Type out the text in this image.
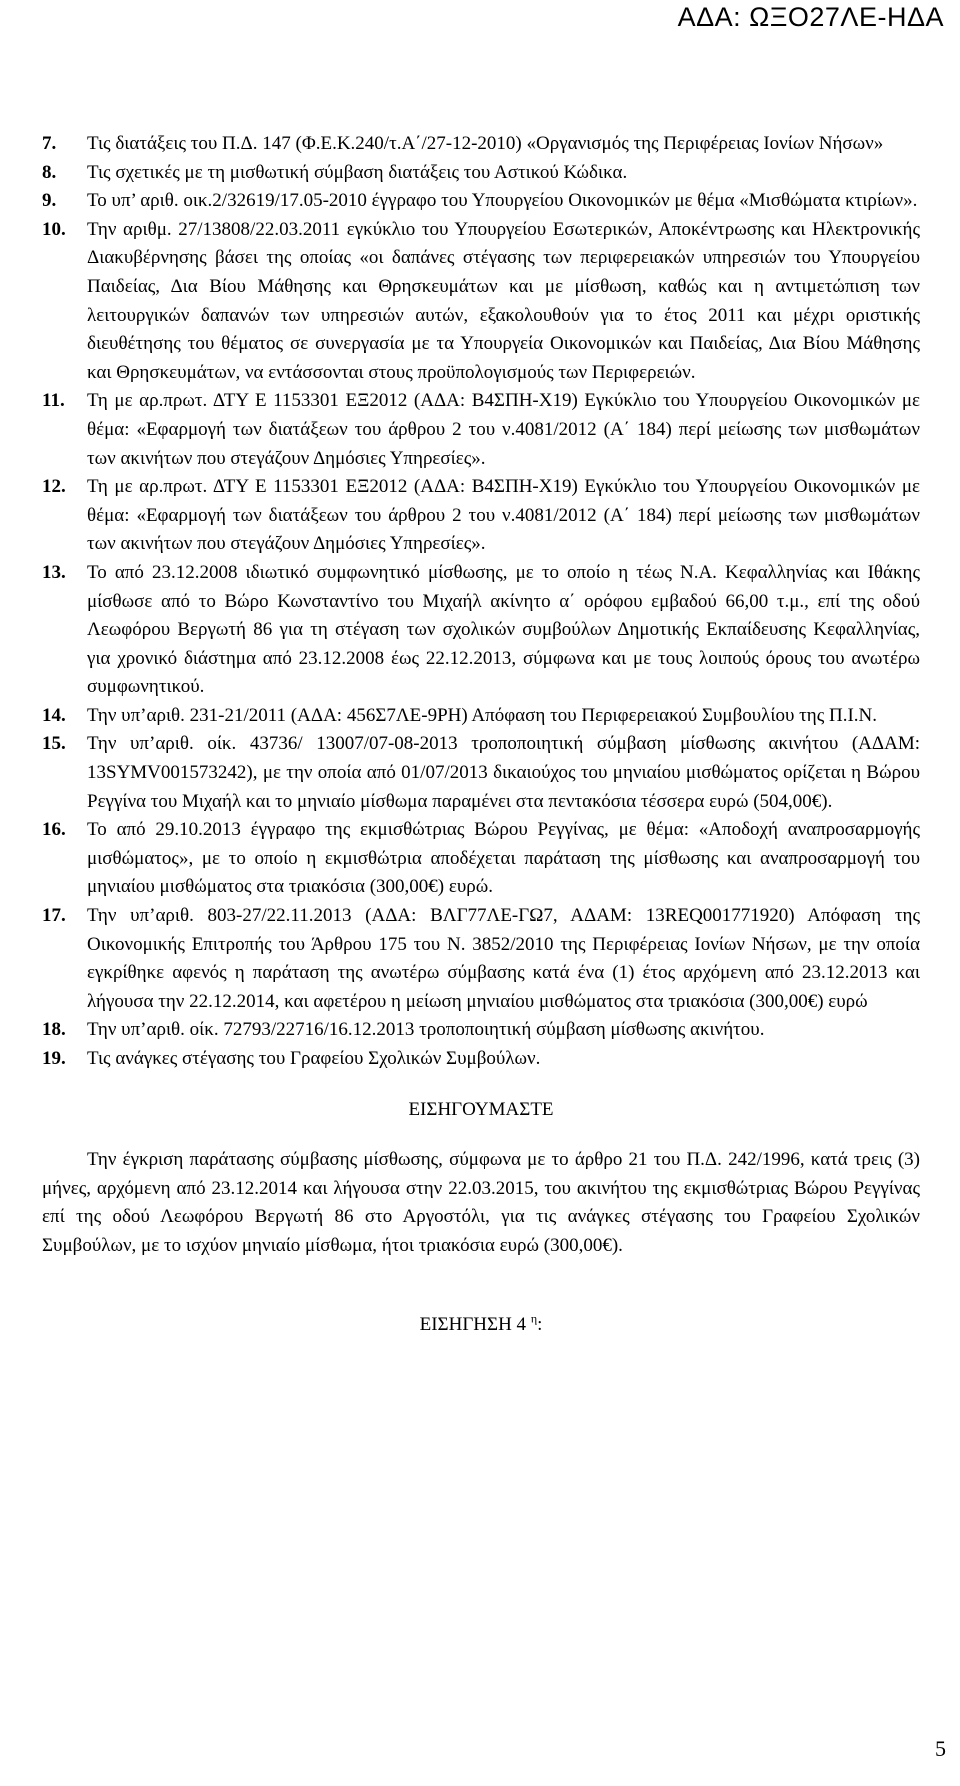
ΑΔΑ: ΩΞΟ27ΛΕ-ΗΔΑ
7.	Τις διατάξεις του Π.Δ. 147 (Φ.Ε.Κ.240/τ.Α΄/27-12-2010) «Οργανισμός της Περιφέρειας Ιονίων Νήσων»
8.	Τις σχετικές με τη μισθωτική σύμβαση διατάξεις του Αστικού Κώδικα.
9.	Το υπ’ αριθ. οικ.2/32619/17.05-2010 έγγραφο του Υπουργείου Οικονομικών με θέμα «Μισθώματα κτιρίων».
10.	Την αριθμ. 27/13808/22.03.2011 εγκύκλιο του Υπουργείου Εσωτερικών, Αποκέντρωσης και Ηλεκτρονικής Διακυβέρνησης βάσει της οποίας «οι δαπάνες στέγασης των περιφερειακών υπηρεσιών του Υπουργείου Παιδείας, Δια Βίου Μάθησης και Θρησκευμάτων και με μίσθωση, καθώς και η αντιμετώπιση των λειτουργικών δαπανών των υπηρεσιών αυτών, εξακολουθούν για το έτος 2011 και μέχρι οριστικής διευθέτησης του θέματος σε συνεργασία με τα Υπουργεία Οικονομικών και Παιδείας, Δια Βίου Μάθησης και Θρησκευμάτων, να εντάσσονται στους προϋπολογισμούς των Περιφερειών.
11.	Τη με αρ.πρωτ. ΔΤΥ Ε 1153301 ΕΞ2012 (ΑΔΑ: Β4ΣΠΗ-Χ19) Εγκύκλιο του Υπουργείου Οικονομικών με θέμα: «Εφαρμογή των διατάξεων του άρθρου 2 του ν.4081/2012 (Α΄ 184) περί μείωσης των μισθωμάτων των ακινήτων που στεγάζουν Δημόσιες Υπηρεσίες».
12.	Τη με αρ.πρωτ. ΔΤΥ Ε 1153301 ΕΞ2012 (ΑΔΑ: Β4ΣΠΗ-Χ19) Εγκύκλιο του Υπουργείου Οικονομικών με θέμα: «Εφαρμογή των διατάξεων του άρθρου 2 του ν.4081/2012 (Α΄ 184) περί μείωσης των μισθωμάτων των ακινήτων που στεγάζουν Δημόσιες Υπηρεσίες».
13.	Το από 23.12.2008 ιδιωτικό συμφωνητικό μίσθωσης, με το οποίο η τέως Ν.Α. Κεφαλληνίας και Ιθάκης μίσθωσε από το Βώρο Κωνσταντίνο του Μιχαήλ ακίνητο α΄ ορόφου εμβαδού 66,00 τ.μ., επί της οδού Λεωφόρου Βεργωτή 86 για τη στέγαση των σχολικών συμβούλων Δημοτικής Εκπαίδευσης Κεφαλληνίας, για χρονικό διάστημα από 23.12.2008 έως 22.12.2013, σύμφωνα και με τους λοιπούς όρους του ανωτέρω συμφωνητικού.
14.	Την υπ’αριθ. 231-21/2011 (ΑΔΑ: 456Σ7ΛΕ-9ΡΗ) Απόφαση του Περιφερειακού Συμβουλίου της Π.Ι.Ν.
15.	Την υπ’αριθ. οίκ. 43736/ 13007/07-08-2013 τροποποιητική σύμβαση μίσθωσης ακινήτου (ΑΔΑΜ: 13SYMV001573242), με την οποία από 01/07/2013 δικαιούχος του μηνιαίου μισθώματος ορίζεται η Βώρου Ρεγγίνα του Μιχαήλ και το μηνιαίο μίσθωμα παραμένει στα πεντακόσια τέσσερα ευρώ (504,00€).
16.	Το από 29.10.2013 έγγραφο της εκμισθώτριας Βώρου Ρεγγίνας, με θέμα: «Αποδοχή αναπροσαρμογής μισθώματος», με το οποίο η εκμισθώτρια αποδέχεται παράταση της μίσθωσης και αναπροσαρμογή του μηνιαίου μισθώματος στα τριακόσια (300,00€) ευρώ.
17.	Την υπ’αριθ. 803-27/22.11.2013 (ΑΔΑ: ΒΛΓ77ΛΕ-ΓΩ7, ΑΔΑΜ: 13REQ001771920) Απόφαση της Οικονομικής Επιτροπής του Άρθρου 175 του Ν. 3852/2010 της Περιφέρειας Ιονίων Νήσων, με την οποία εγκρίθηκε αφενός η παράταση της ανωτέρω σύμβασης κατά ένα (1) έτος αρχόμενη από 23.12.2013 και λήγουσα την 22.12.2014, και αφετέρου η μείωση μηνιαίου μισθώματος στα τριακόσια (300,00€) ευρώ
18.	Την υπ’αριθ. οίκ. 72793/22716/16.12.2013 τροποποιητική σύμβαση μίσθωσης ακινήτου.
19.	Τις ανάγκες στέγασης του Γραφείου Σχολικών Συμβούλων.
ΕΙΣΗΓΟΥΜΑΣΤΕ

Την έγκριση παράτασης σύμβασης μίσθωσης, σύμφωνα με το άρθρο 21 του Π.Δ. 242/1996, κατά τρεις (3) μήνες, αρχόμενη από 23.12.2014 και λήγουσα στην 22.03.2015, του ακινήτου της εκμισθώτριας Βώρου Ρεγγίνας επί της οδού Λεωφόρου Βεργωτή 86 στο Αργοστόλι, για τις ανάγκες στέγασης του Γραφείου Σχολικών Συμβούλων, με το ισχύον μηνιαίο μίσθωμα, ήτοι τριακόσια ευρώ (300,00€).

ΕΙΣΗΓΗΣΗ 4 $^\eta$:
5
